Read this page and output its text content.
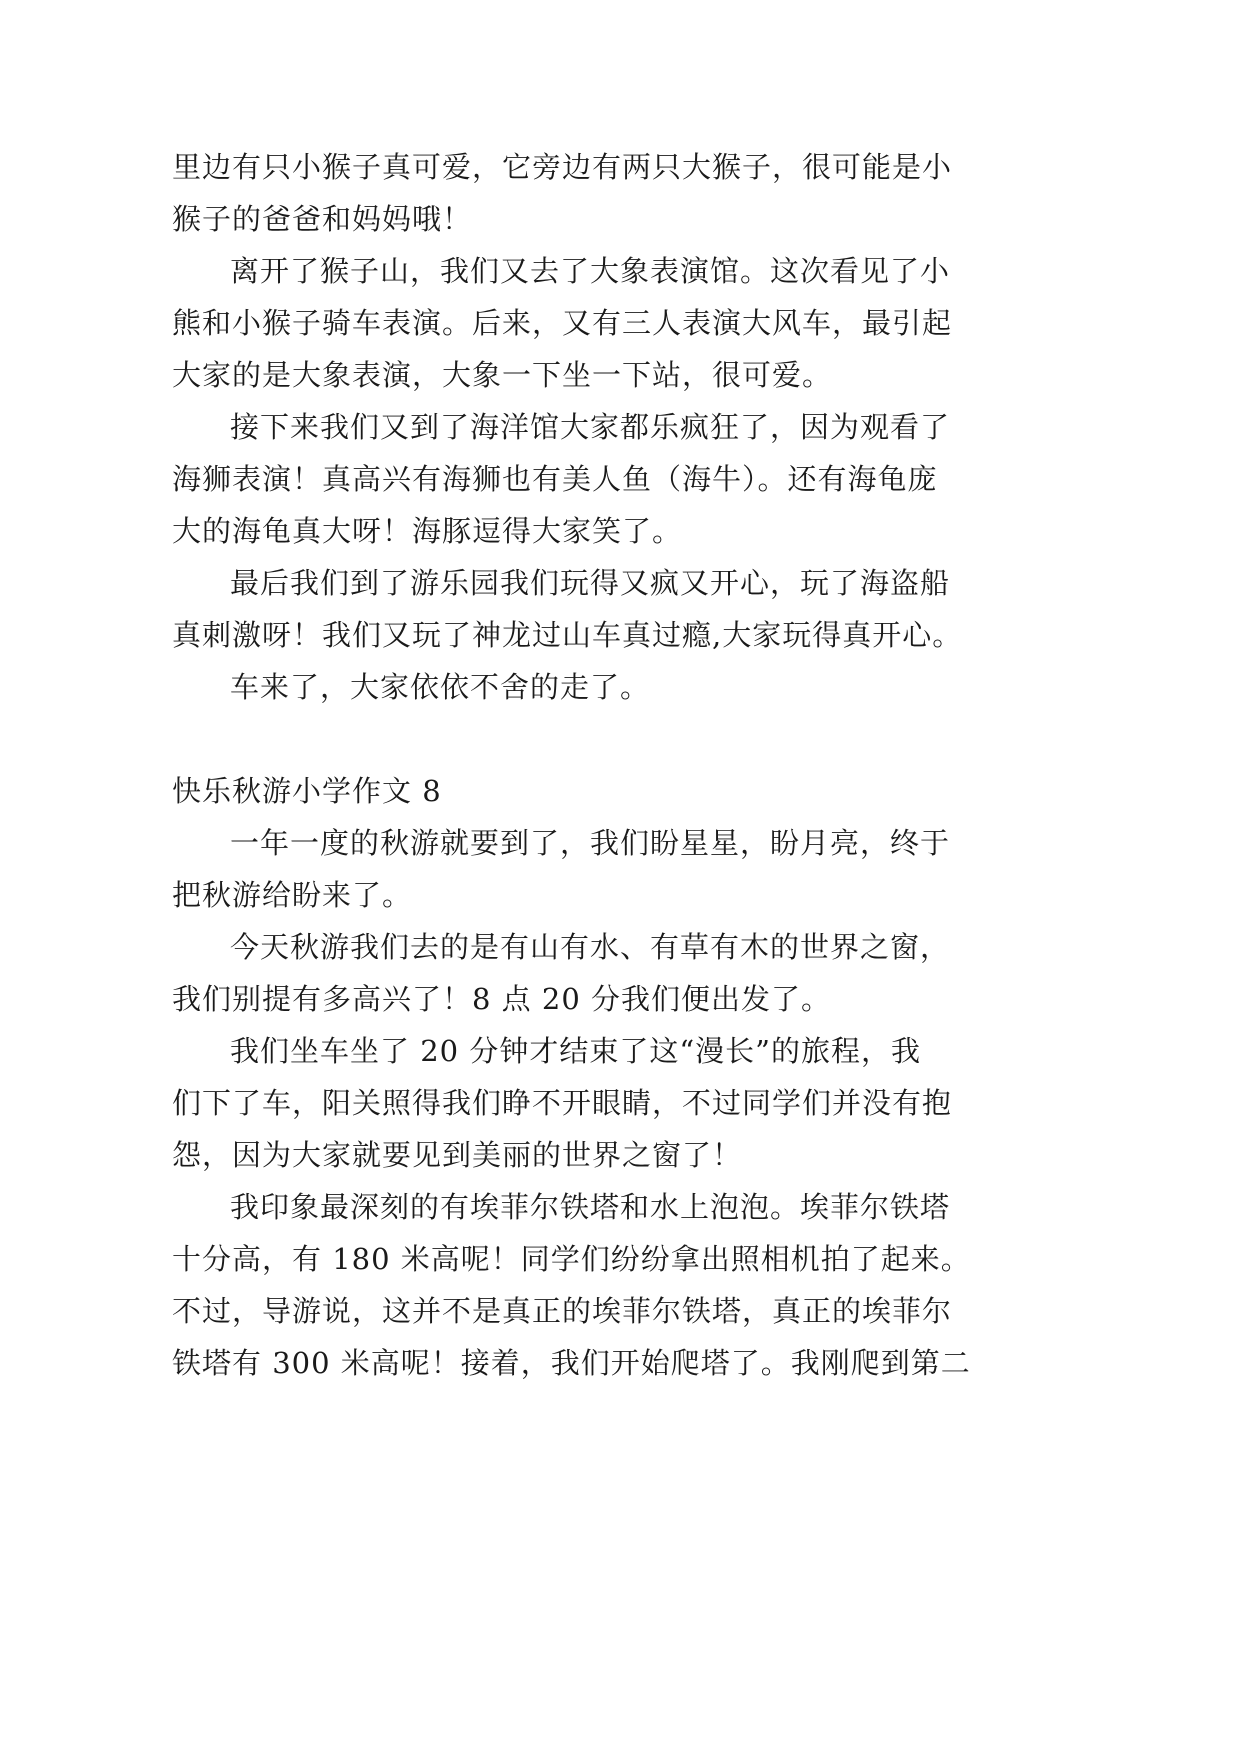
里边有只小猴子真可爱，它旁边有两只大猴子，很可能是小
猴子的爸爸和妈妈哦！
离开了猴子山，我们又去了大象表演馆。这次看见了小
熊和小猴子骑车表演。后来，又有三人表演大风车，最引起
大家的是大象表演，大象一下坐一下站，很可爱。
接下来我们又到了海洋馆大家都乐疯狂了，因为观看了
海狮表演！真高兴有海狮也有美人鱼（海牛）。还有海龟庞
大的海龟真大呀！海豚逗得大家笑了。
最后我们到了游乐园我们玩得又疯又开心，玩了海盗船
真刺激呀！我们又玩了神龙过山车真过瘾,大家玩得真开心。
车来了，大家依依不舍的走了。
快乐秋游小学作文 8
一年一度的秋游就要到了，我们盼星星，盼月亮，终于
把秋游给盼来了。
今天秋游我们去的是有山有水、有草有木的世界之窗，
我们别提有多高兴了！8 点 20 分我们便出发了。
我们坐车坐了 20 分钟才结束了这“漫长”的旅程，我
们下了车，阳关照得我们睁不开眼睛，不过同学们并没有抱
怨，因为大家就要见到美丽的世界之窗了！
我印象最深刻的有埃菲尔铁塔和水上泡泡。埃菲尔铁塔
十分高，有 180 米高呢！同学们纷纷拿出照相机拍了起来。
不过，导游说，这并不是真正的埃菲尔铁塔，真正的埃菲尔
铁塔有 300 米高呢！接着，我们开始爬塔了。我刚爬到第二
